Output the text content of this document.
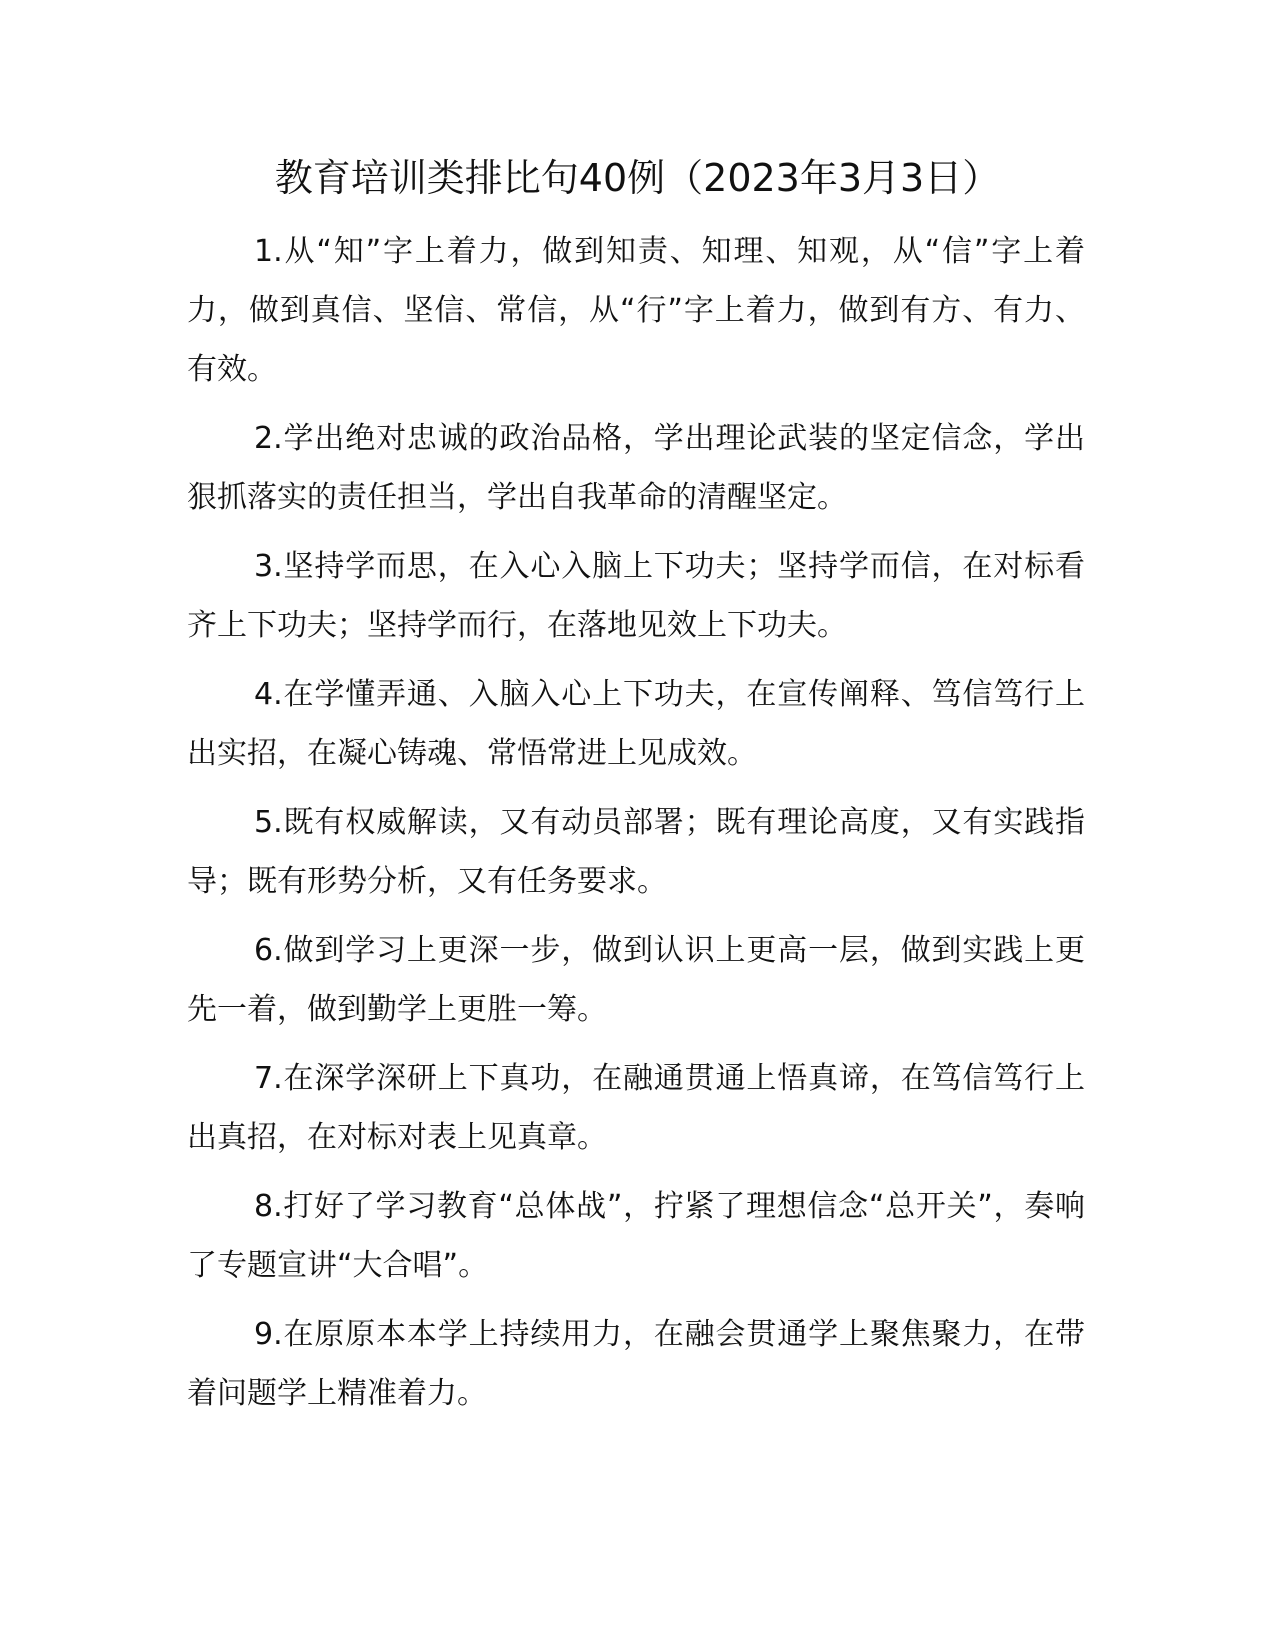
教育培训类排比句40例（2023年3月3日）

1.从“知”字上着力，做到知责、知理、知观，从“信”字上着力，做到真信、坚信、常信，从“行”字上着力，做到有方、有力、有效。

2.学出绝对忠诚的政治品格，学出理论武装的坚定信念，学出狠抓落实的责任担当，学出自我革命的清醒坚定。

3.坚持学而思，在入心入脑上下功夫；坚持学而信，在对标看齐上下功夫；坚持学而行，在落地见效上下功夫。

4.在学懂弄通、入脑入心上下功夫，在宣传阐释、笃信笃行上出实招，在凝心铸魂、常悟常进上见成效。

5.既有权威解读，又有动员部署；既有理论高度，又有实践指导；既有形势分析，又有任务要求。

6.做到学习上更深一步，做到认识上更高一层，做到实践上更先一着，做到勤学上更胜一筹。

7.在深学深研上下真功，在融通贯通上悟真谛，在笃信笃行上出真招，在对标对表上见真章。

8.打好了学习教育“总体战”，拧紧了理想信念“总开关”，奏响了专题宣讲“大合唱”。

9.在原原本本学上持续用力，在融会贯通学上聚焦聚力，在带着问题学上精准着力。
